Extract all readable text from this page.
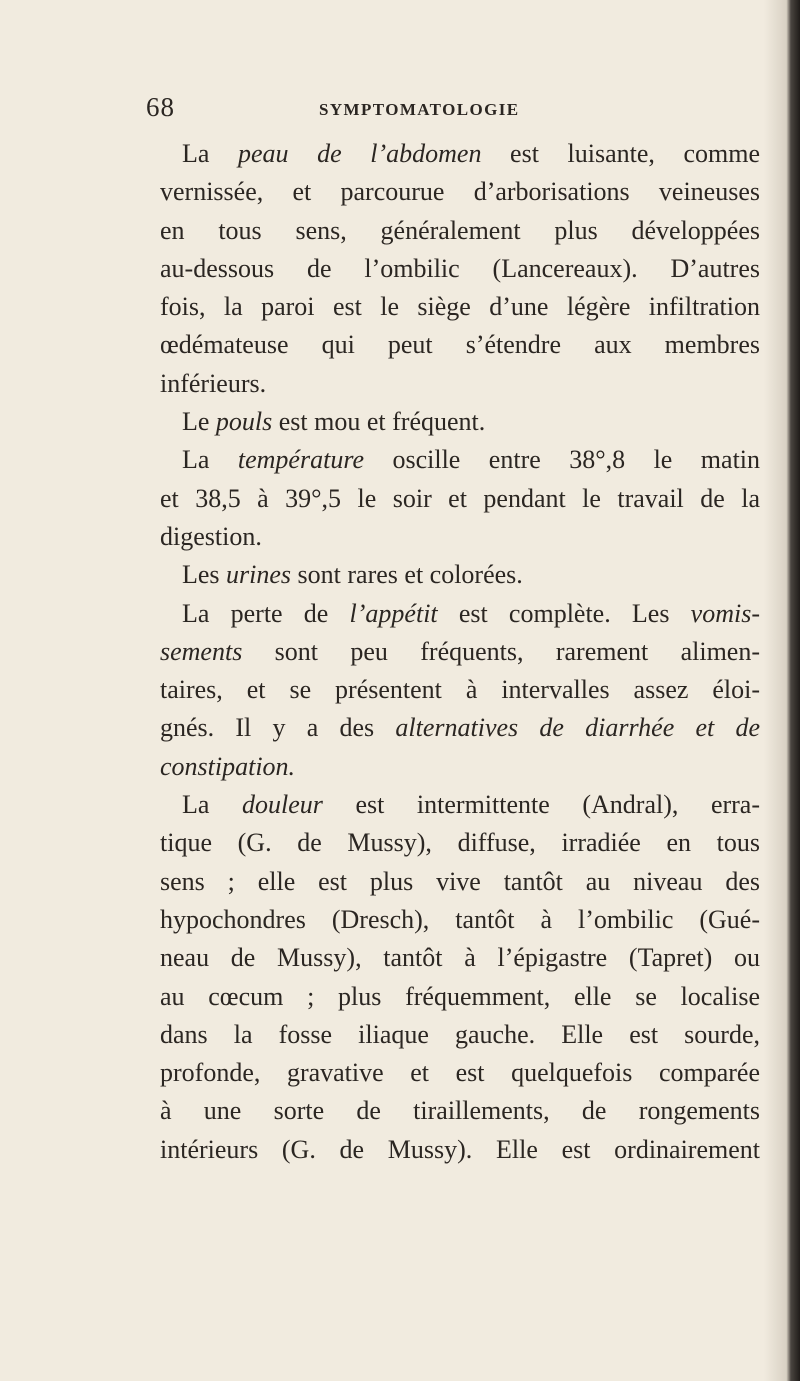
68	SYMPTOMATOLOGIE
La peau de l’abdomen est luisante, comme
vernissée, et parcourue d’arborisations veineuses
en tous sens, généralement plus développées
au-dessous de l’ombilic (Lancereaux). D’autres
fois, la paroi est le siège d’une légère infiltration
œdémateuse qui peut s’étendre aux membres
inférieurs.
Le pouls est mou et fréquent.
La température oscille entre 38°,8 le matin
et 38,5 à 39°,5 le soir et pendant le travail de la
digestion.
Les urines sont rares et colorées.
La perte de l’appétit est complète. Les vomis-
sements sont peu fréquents, rarement alimen-
taires, et se présentent à intervalles assez éloi-
gnés. Il y a des alternatives de diarrhée et de
constipation.
La douleur est intermittente (Andral), erra-
tique (G. de Mussy), diffuse, irradiée en tous
sens ; elle est plus vive tantôt au niveau des
hypochondres (Dresch), tantôt à l’ombilic (Gué-
neau de Mussy), tantôt à l’épigastre (Tapret) ou
au cœcum ; plus fréquemment, elle se localise
dans la fosse iliaque gauche. Elle est sourde,
profonde, gravative et est quelquefois comparée
à une sorte de tiraillements, de rongements
intérieurs (G. de Mussy). Elle est ordinairement
